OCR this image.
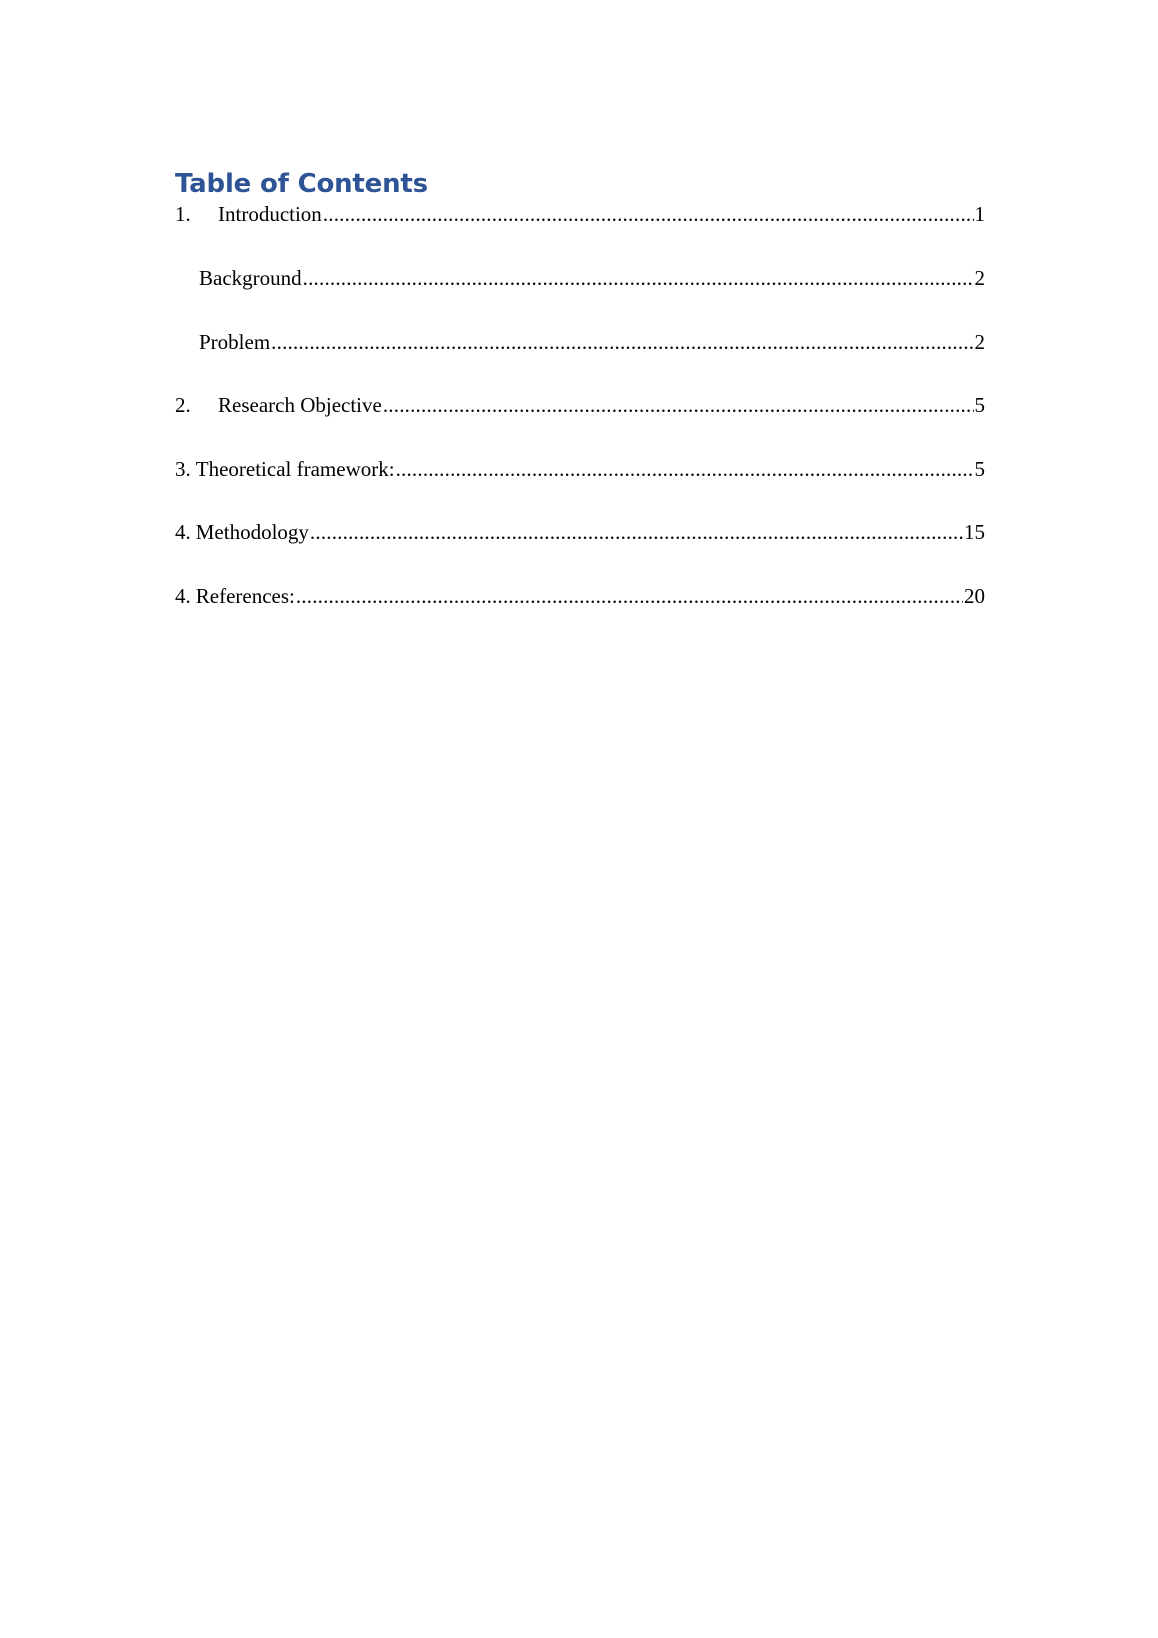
Table of Contents
1.	Introduction .....	1
Background .....	2
Problem .....	2
2.	Research Objective .....	5
3. Theoretical framework: .....	5
4. Methodology .....	15
4. References: .....	20
